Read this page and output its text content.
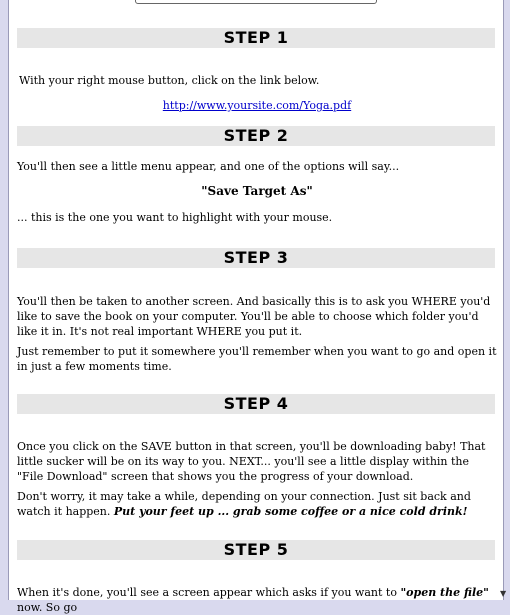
STEP 1
With your right mouse button, click on the link below.
http://www.yoursite.com/Yoga.pdf
STEP 2
You'll then see a little menu appear, and one of the options will say...
"Save Target As"
... this is the one you want to highlight with your mouse.
STEP 3
You'll then be taken to another screen. And basically this is to ask you WHERE you'd like to save the book on your computer. You'll be able to choose which folder you'd like it in. It's not real important WHERE you put it.
Just remember to put it somewhere you'll remember when you want to go and open it in just a few moments time.
STEP 4
Once you click on the SAVE button in that screen, you'll be downloading baby! That little sucker will be on its way to you. NEXT... you'll see a little display within the "File Download" screen that shows you the progress of your download.
Don't worry, it may take a while, depending on your connection. Just sit back and watch it happen. Put your feet up ... grab some coffee or a nice cold drink!
STEP 5
When it's done, you'll see a screen appear which asks if you want to "open the file" now. So go	▼
